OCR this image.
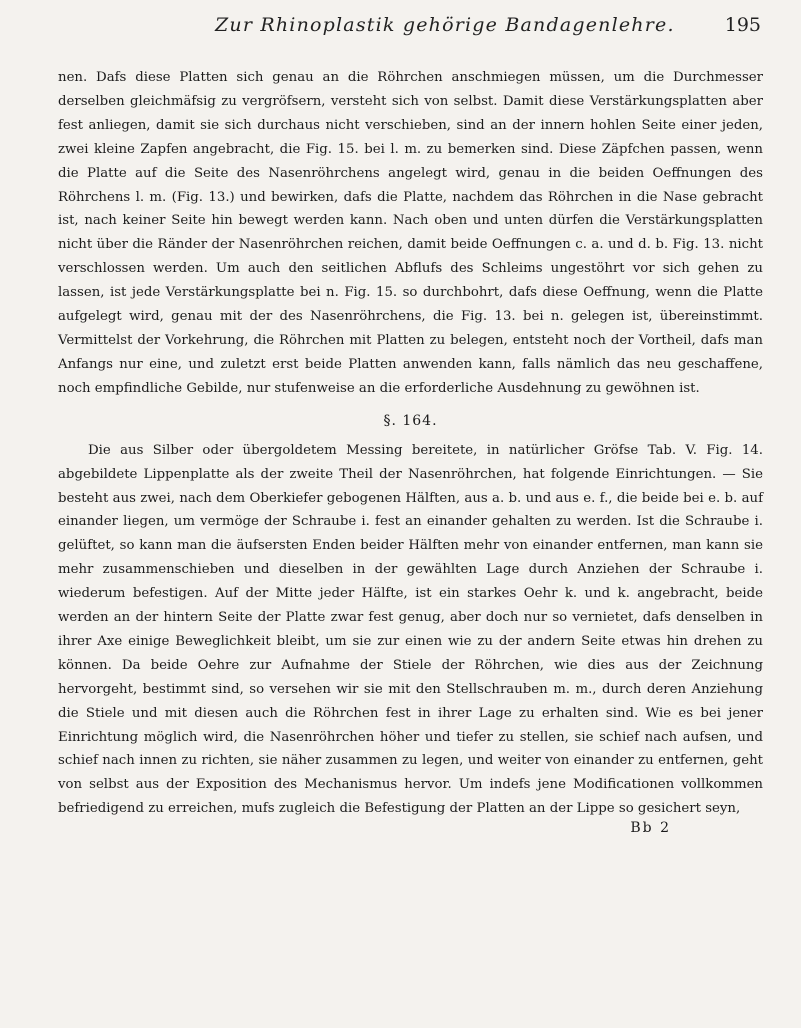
Zur Rhinoplastik gehörige Bandagenlehre.	195

nen. Dafs diese Platten sich genau an die Röhrchen anschmiegen müssen, um die Durchmesser derselben gleichmäfsig zu vergröfsern, versteht sich von selbst. Damit diese Verstärkungsplatten aber fest anliegen, damit sie sich durchaus nicht verschieben, sind an der innern hohlen Seite einer jeden, zwei kleine Zapfen angebracht, die Fig. 15. bei l. m. zu bemerken sind. Diese Zäpfchen passen, wenn die Platte auf die Seite des Nasenröhrchens angelegt wird, genau in die beiden Oeffnungen des Röhrchens l. m. (Fig. 13.) und bewirken, dafs die Platte, nachdem das Röhrchen in die Nase gebracht ist, nach keiner Seite hin bewegt werden kann. Nach oben und unten dürfen die Verstärkungsplatten nicht über die Ränder der Nasenröhrchen reichen, damit beide Oeffnungen c. a. und d. b. Fig. 13. nicht verschlossen werden. Um auch den seitlichen Abflufs des Schleims ungestöhrt vor sich gehen zu lassen, ist jede Verstärkungsplatte bei n. Fig. 15. so durchbohrt, dafs diese Oeffnung, wenn die Platte aufgelegt wird, genau mit der des Nasenröhrchens, die Fig. 13. bei n. gelegen ist, übereinstimmt. Vermittelst der Vorkehrung, die Röhrchen mit Platten zu belegen, entsteht noch der Vortheil, dafs man Anfangs nur eine, und zuletzt erst beide Platten anwenden kann, falls nämlich das neu geschaffene, noch empfindliche Gebilde, nur stufenweise an die erforderliche Ausdehnung zu gewöhnen ist.

§. 164.

Die aus Silber oder übergoldetem Messing bereitete, in natürlicher Gröfse Tab. V. Fig. 14. abgebildete Lippenplatte als der zweite Theil der Nasenröhrchen, hat folgende Einrichtungen. — Sie besteht aus zwei, nach dem Oberkiefer gebogenen Hälften, aus a. b. und aus e. f., die beide bei e. b. auf einander liegen, um vermöge der Schraube i. fest an einander gehalten zu werden. Ist die Schraube i. gelüftet, so kann man die äufsersten Enden beider Hälften mehr von einander entfernen, man kann sie mehr zusammenschieben und dieselben in der gewählten Lage durch Anziehen der Schraube i. wiederum befestigen. Auf der Mitte jeder Hälfte, ist ein starkes Oehr k. und k. angebracht, beide werden an der hintern Seite der Platte zwar fest genug, aber doch nur so vernietet, dafs denselben in ihrer Axe einige Beweglichkeit bleibt, um sie zur einen wie zu der andern Seite etwas hin drehen zu können. Da beide Oehre zur Aufnahme der Stiele der Röhrchen, wie dies aus der Zeichnung hervorgeht, bestimmt sind, so versehen wir sie mit den Stellschrauben m. m., durch deren Anziehung die Stiele und mit diesen auch die Röhrchen fest in ihrer Lage zu erhalten sind. Wie es bei jener Einrichtung möglich wird, die Nasenröhrchen höher und tiefer zu stellen, sie schief nach aufsen, und schief nach innen zu richten, sie näher zusammen zu legen, und weiter von einander zu entfernen, geht von selbst aus der Exposition des Mechanismus hervor. Um indefs jene Modificationen vollkommen befriedigend zu erreichen, mufs zugleich die Befestigung der Platten an der Lippe so gesichert seyn,

Bb 2
